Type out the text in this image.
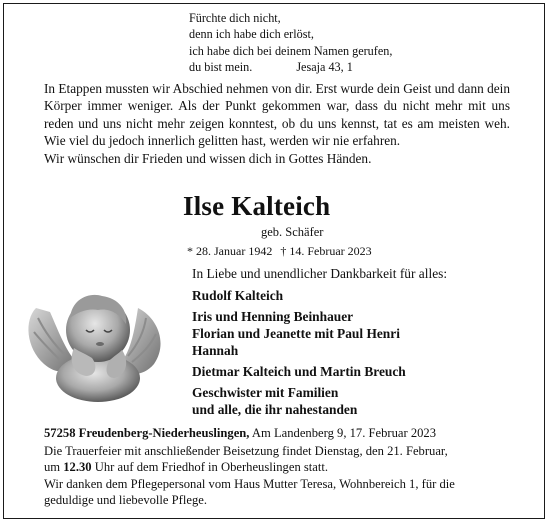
Fürchte dich nicht,
denn ich habe dich erlöst,
ich habe dich bei deinem Namen gerufen,
du bist mein.	Jesaja 43, 1

In Etappen mussten wir Abschied nehmen von dir. Erst wurde dein Geist und dann dein Körper immer weniger. Als der Punkt gekommen war, dass du nicht mehr mit uns reden und uns nicht mehr zeigen konntest, ob du uns kennst, tat es am meisten weh. Wie viel du jedoch innerlich gelitten hast, werden wir nie erfahren.

Wir wünschen dir Frieden und wissen dich in Gottes Händen.

Ilse Kalteich
geb. Schäfer
* 28. Januar 1942 † 14. Februar 2023
In Liebe und unendlicher Dankbarkeit für alles:
Rudolf Kalteich
Iris und Henning Beinhauer
Florian und Jeanette mit Paul Henri
Hannah
Dietmar Kalteich und Martin Breuch
Geschwister mit Familien
und alle, die ihr nahestanden
57258 Freudenberg-Niederheuslingen, Am Landenberg 9, 17. Februar 2023
Die Trauerfeier mit anschließender Beisetzung findet Dienstag, den 21. Februar,
um 12.30 Uhr auf dem Friedhof in Oberheuslingen statt.
Wir danken dem Pflegepersonal vom Haus Mutter Teresa, Wohnbereich 1, für die
geduldige und liebevolle Pflege.
